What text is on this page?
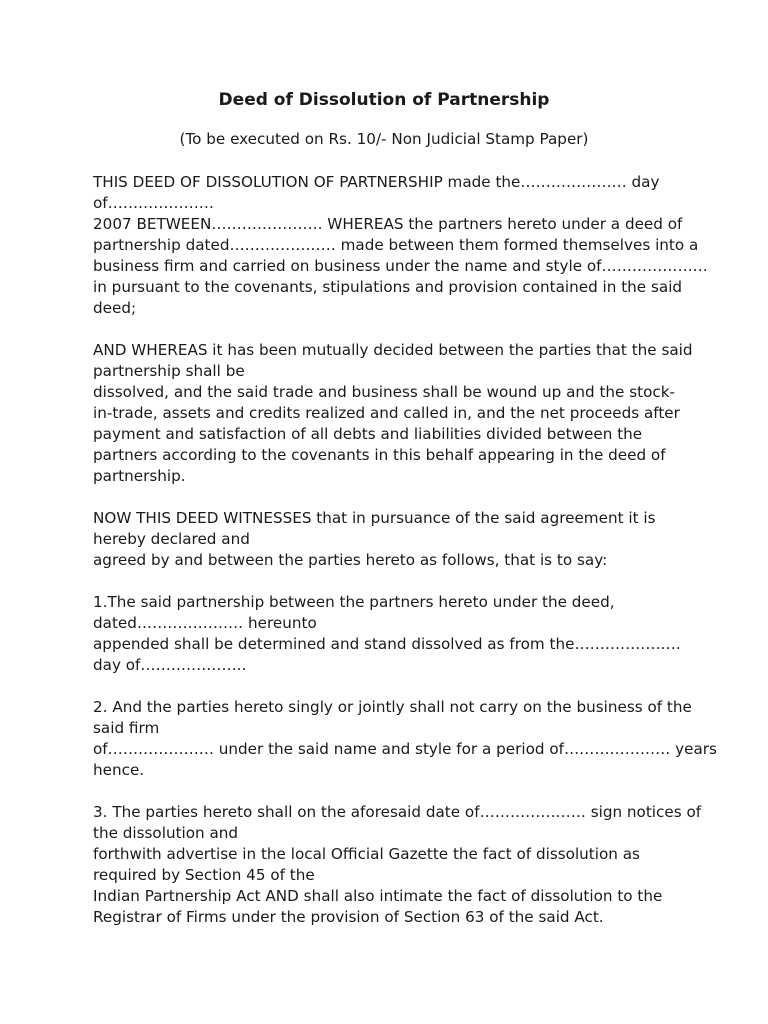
Deed of Dissolution of Partnership

(To be executed on Rs. 10/- Non Judicial Stamp Paper)

THIS DEED OF DISSOLUTION OF PARTNERSHIP made the………………… day
of…………………
2007 BETWEEN…………………. WHEREAS the partners hereto under a deed of
partnership dated………………… made between them formed themselves into a
business firm and carried on business under the name and style of…………………
in pursuant to the covenants, stipulations and provision contained in the said
deed;
AND WHEREAS it has been mutually decided between the parties that the said
partnership shall be
dissolved, and the said trade and business shall be wound up and the stock-
in-trade, assets and credits realized and called in, and the net proceeds after
payment and satisfaction of all debts and liabilities divided between the
partners according to the covenants in this behalf appearing in the deed of
partnership.
NOW THIS DEED WITNESSES that in pursuance of the said agreement it is
hereby declared and
agreed by and between the parties hereto as follows, that is to say:
1.The said partnership between the partners hereto under the deed,
dated………………… hereunto
appended shall be determined and stand dissolved as from the…………………
day of…………………
2. And the parties hereto singly or jointly shall not carry on the business of the
said firm
of………………… under the said name and style for a period of………………… years
hence.
3. The parties hereto shall on the aforesaid date of………………… sign notices of
the dissolution and
forthwith advertise in the local Official Gazette the fact of dissolution as
required by Section 45 of the
Indian Partnership Act AND shall also intimate the fact of dissolution to the
Registrar of Firms under the provision of Section 63 of the said Act.
